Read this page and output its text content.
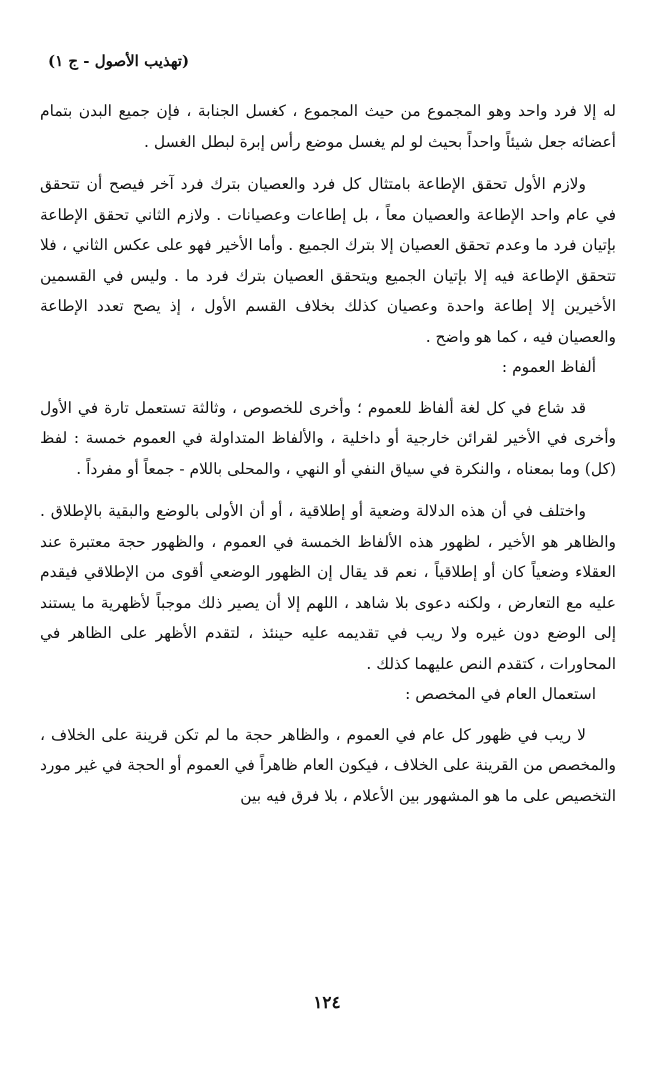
(تهذيب الأصول - ج ١)

له إلا فرد واحد وهو المجموع من حيث المجموع ، كغسل الجنابة ، فإن جميع البدن بتمام أعضائه جعل شيئاً واحداً بحيث لو لم يغسل موضع رأس إبرة لبطل الغسل .

ولازم الأول تحقق الإطاعة بامتثال كل فرد والعصيان بترك فرد آخر فيصح أن تتحقق في عام واحد الإطاعة والعصيان معاً ، بل إطاعات وعصيانات . ولازم الثاني تحقق الإطاعة بإتيان فرد ما وعدم تحقق العصيان إلا بترك الجميع . وأما الأخير فهو على عكس الثاني ، فلا تتحقق الإطاعة فيه إلا بإتيان الجميع ويتحقق العصيان بترك فرد ما . وليس في القسمين الأخيرين إلا إطاعة واحدة وعصيان كذلك بخلاف القسم الأول ، إذ يصح تعدد الإطاعة والعصيان فيه ، كما هو واضح .

ألفاظ العموم :

قد شاع في كل لغة ألفاظ للعموم ؛ وأخرى للخصوص ، وثالثة تستعمل تارة في الأول وأخرى في الأخير لقرائن خارجية أو داخلية ، والألفاظ المتداولة في العموم خمسة : لفظ (كل) وما بمعناه ، والنكرة في سياق النفي أو النهي ، والمحلى باللام - جمعاً أو مفرداً .

واختلف في أن هذه الدلالة وضعية أو إطلاقية ، أو أن الأولى بالوضع والبقية بالإطلاق . والظاهر هو الأخير ، لظهور هذه الألفاظ الخمسة في العموم ، والظهور حجة معتبرة عند العقلاء وضعياً كان أو إطلاقياً ، نعم قد يقال إن الظهور الوضعي أقوى من الإطلاقي فيقدم عليه مع التعارض ، ولكنه دعوى بلا شاهد ، اللهم إلا أن يصير ذلك موجباً لأظهرية ما يستند إلى الوضع دون غيره ولا ريب في تقديمه عليه حينئذ ، لتقدم الأظهر على الظاهر في المحاورات ، كتقدم النص عليهما كذلك .

استعمال العام في المخصص :

لا ريب في ظهور كل عام في العموم ، والظاهر حجة ما لم تكن قرينة على الخلاف ، والمخصص من القرينة على الخلاف ، فيكون العام ظاهراً في العموم أو الحجة في غير مورد التخصيص على ما هو المشهور بين الأعلام ، بلا فرق فيه بين

١٢٤
